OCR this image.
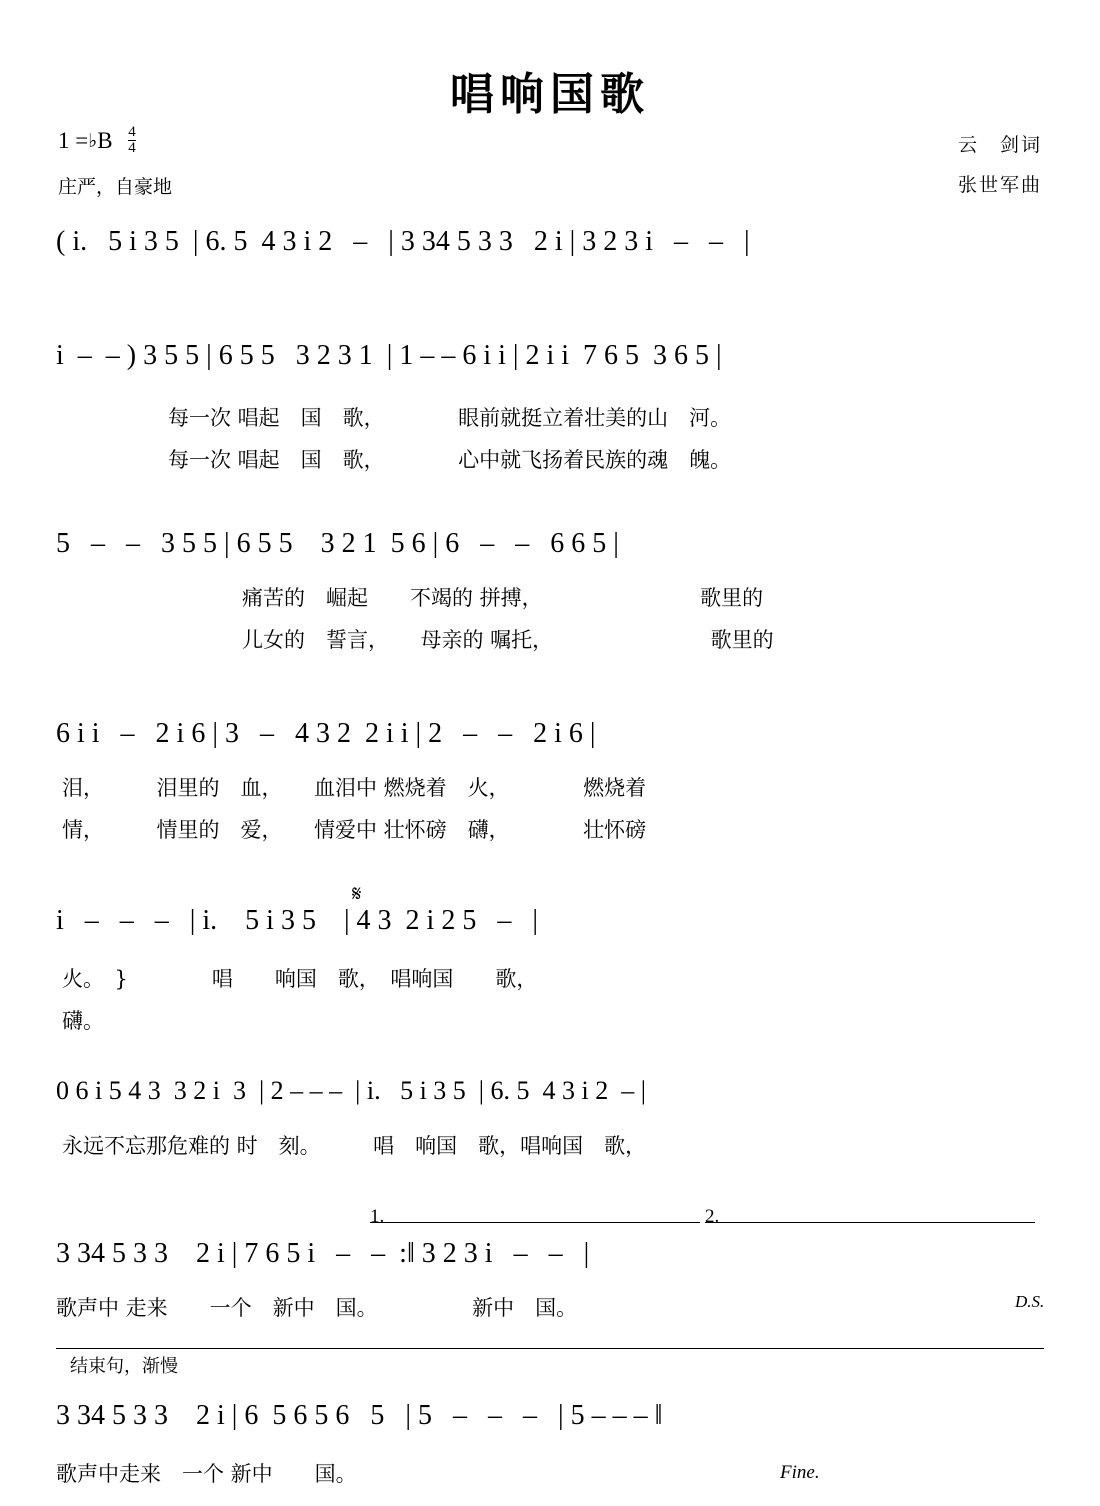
唱响国歌
1 =♭B $\frac{4}{4}$
庄严，自豪地
云　剑词
张世军曲
( i.   5 i 3 5  | 6. 5  4 3 i 2   –   | 3 34 5 3 3   2 i | 3 2 3 i   –   –   |
i  –  – ) 3 5 5 | 6 5 5   3 2 3 1  | 1 – – 6 i i | 2 i i  7 6 5  3 6 5 |
每一次 唱起　国　歌，　　　　眼前就挺立着壮美的山　河。
每一次 唱起　国　歌，　　　　心中就飞扬着民族的魂　魄。
5   –   –   3 5 5 | 6 5 5    3 2 1  5 6 | 6   –   –   6 6 5 |
　　痛苦的　崛起　　不竭的 拼搏，　　　　　　　　歌里的
　　儿女的　誓言，　　母亲的 嘱托，　　　　　　　　歌里的
6 i i   –   2 i 6 | 3   –   4 3 2  2 i i | 2   –   –   2 i 6 |
泪，　　　泪里的　血，　　血泪中 燃烧着　火，　　　　燃烧着
情，　　　情里的　爱，　　情爱中 壮怀磅　礴，　　　　壮怀磅
𝄋
i   –   –   –   | i.    5 i 3 5    | 4 3  2 i 2 5   –   |
火。　}　　　　唱　　响国　歌，　唱响国　　歌，
礴。
0 6 i 5 4 3  3 2 i  3  | 2 – – –  | i.   5 i 3 5  | 6. 5  4 3 i 2  – |
永远不忘那危难的 时　刻。　　　唱　响国　歌，唱响国　歌，
1.	2.
3 34 5 3 3    2 i | 7 6 5 i   –   –  :‖ 3 2 3 i   –   –   |
歌声中 走来　　一个　新中　国。　　　　　新中　国。	D.S.
结束句，渐慢
3 34 5 3 3    2 i | 6  5 6 5 6   5   | 5   –   –   –   | 5 – – – ‖
歌声中走来　一个 新中　　国。	Fine.
